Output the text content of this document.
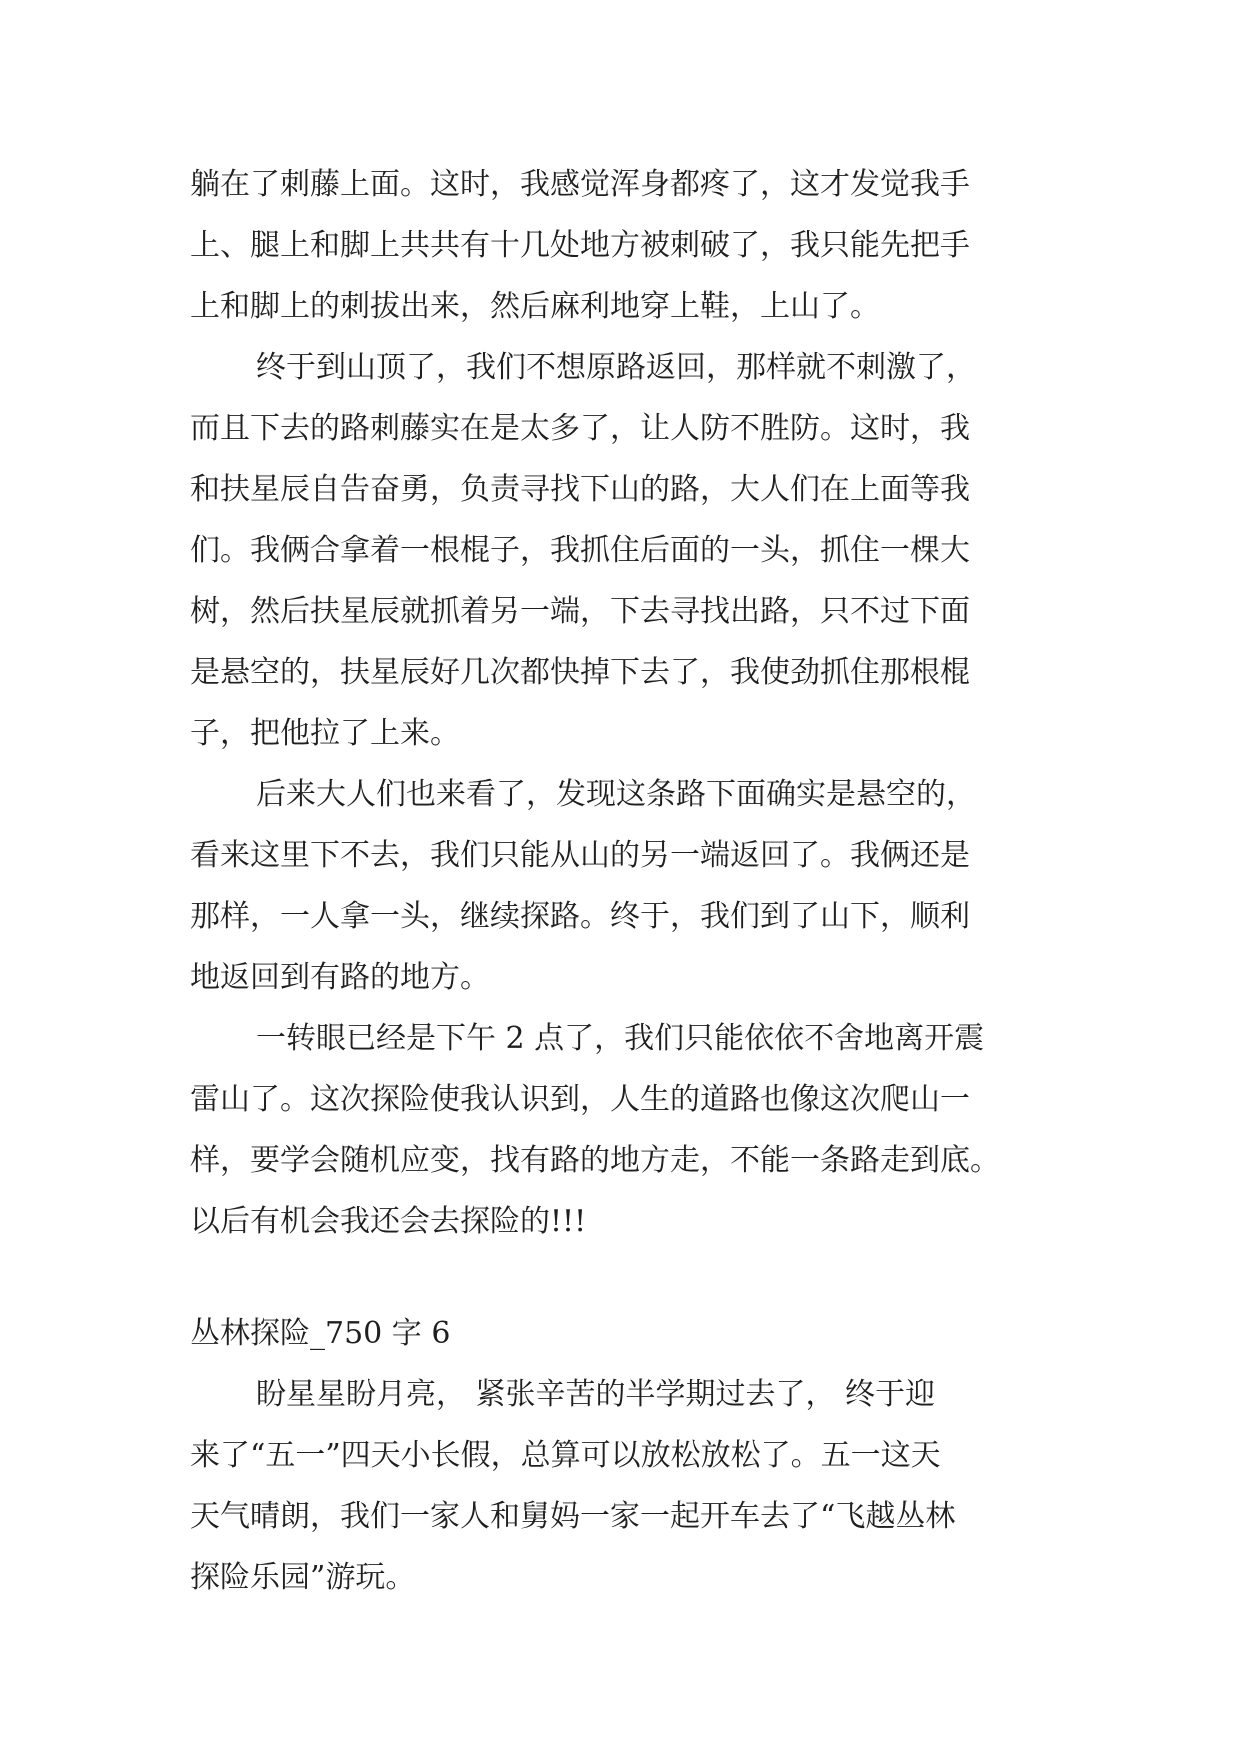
躺在了刺藤上面。这时，我感觉浑身都疼了，这才发觉我手
上、腿上和脚上共共有十几处地方被刺破了，我只能先把手
上和脚上的刺拔出来，然后麻利地穿上鞋，上山了。
终于到山顶了，我们不想原路返回，那样就不刺激了，
而且下去的路刺藤实在是太多了，让人防不胜防。这时，我
和扶星辰自告奋勇，负责寻找下山的路，大人们在上面等我
们。我俩合拿着一根棍子，我抓住后面的一头，抓住一棵大
树，然后扶星辰就抓着另一端，下去寻找出路，只不过下面
是悬空的，扶星辰好几次都快掉下去了，我使劲抓住那根棍
子，把他拉了上来。
后来大人们也来看了，发现这条路下面确实是悬空的，
看来这里下不去，我们只能从山的另一端返回了。我俩还是
那样，一人拿一头，继续探路。终于，我们到了山下，顺利
地返回到有路的地方。
一转眼已经是下午 2 点了，我们只能依依不舍地离开震
雷山了。这次探险使我认识到，人生的道路也像这次爬山一
样，要学会随机应变，找有路的地方走，不能一条路走到底。
以后有机会我还会去探险的!!!
丛林探险_750 字 6
盼星星盼月亮， 紧张辛苦的半学期过去了， 终于迎
来了“五一”四天小长假，总算可以放松放松了。五一这天
天气晴朗，我们一家人和舅妈一家一起开车去了“飞越丛林
探险乐园”游玩。
